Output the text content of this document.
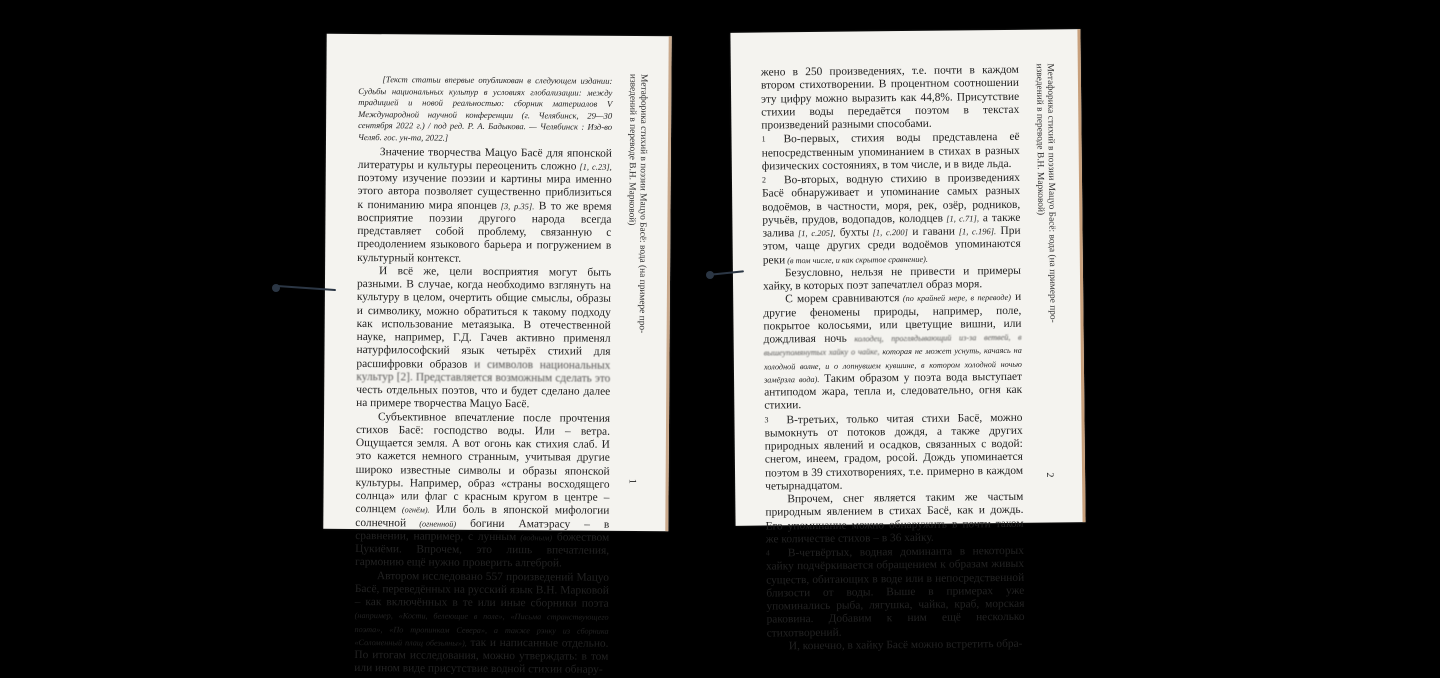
Метафорика стихий в поэзии Мацуо Басё: вода (на примере про-
изведений в переводе В.Н. Марковой)

[Текст статьи впервые опубликован в следующем издании: Судьбы национальных культур в условиях глобализации: между традицией и новой реальностью: сборник материалов V Международной научной конференции (г. Челябинск, 29—30 сентября 2022 г.) / под ред. Р. А. Бадыкова. — Челябинск : Изд-во Челяб. гос. ун-та, 2022.]

Значение творчества Мацуо Басё для японской литературы и культуры переоценить сложно [1, с.23], поэтому изучение поэзии и картины мира именно этого автора позволяет существенно приблизиться к пониманию мира японцев [3, p.35]. В то же время восприятие поэзии другого народа всегда представляет собой проблему, связанную с преодолением языкового барьера и погружением в культурный контекст.

И всё же, цели восприятия могут быть разными. В случае, когда необходимо взглянуть на культуру в целом, очертить общие смыслы, образы и символику, можно обратиться к такому подходу как использование метаязыка. В отечественной науке, например, Г.Д. Гачев активно применял натурфилософский язык четырёх стихий для расшифровки образов и символов национальных культур [2]. Представляется возможным сделать это честь отдельных поэтов, что и будет сделано далее на примере творчества Мацуо Басё.

Субъективное впечатление после прочтения стихов Басё: господство воды. Или – ветра. Ощущается земля. А вот огонь как стихия слаб. И это кажется немного странным, учитывая другие широко известные символы и образы японской культуры. Например, образ «страны восходящего солнца» или флаг с красным кругом в центре – солнцем (огнём). Или боль в японской мифологии солнечной (огненной) богини Аматэрасу – в сравнении, например, с лунным (водным) божеством Цукиёми. Впрочем, это лишь впечатления, гармонию ещё нужно проверить алгеброй.

Автором исследовано 557 произведений Мацуо Басё, переведённых на русский язык В.Н. Марковой – как включённых в те или иные сборники поэта (например, «Кости, белеющие в поле», «Письма странствующего поэта», «По тропинкам Севера», а также рэнку из сборника «Соломенный плащ обезьяны»), так и написанные отдельно. По итогам исследования, можно утверждать: в том или ином виде присутствие водной стихии обнару-

1
Метафорика стихий в поэзии Мацуо Басё: вода (на примере про-
изведений в переводе В.Н. Марковой)

жено в 250 произведениях, т.е. почти в каждом втором стихотворении. В процентном соотношении эту цифру можно выразить как 44,8%. Присутствие стихии воды передаётся поэтом в текстах произведений разными способами.

1 Во-первых, стихия воды представлена её непосредственным упоминанием в стихах в разных физических состояниях, в том числе, и в виде льда.

2 Во-вторых, водную стихию в произведениях Басё обнаруживает и упоминание самых разных водоёмов, в частности, моря, рек, озёр, родников, ручьёв, прудов, водопадов, колодцев [1, с.71], а также залива [1, с.205], бухты [1, с.200] и гавани [1, с.196]. При этом, чаще других среди водоёмов упоминаются реки (в том числе, и как скрытое сравнение).

Безусловно, нельзя не привести и примеры хайку, в которых поэт запечатлел образ моря.

С морем сравниваются (по крайней мере, в переводе) и другие феномены природы, например, поле, покрытое колосьями, или цветущие вишни, или дождливая ночь колодец, проглядывающий из-за ветвей, в вышеупомянутых хайку о чайке, которая не может уснуть, качаясь на холодной волне, и о лопнувшем кувшине, в котором холодной ночью замёрзла вода). Таким образом у поэта вода выступает антиподом жара, тепла и, следовательно, огня как стихии.

3 В-третьих, только читая стихи Басё, можно вымокнуть от потоков дождя, а также других природных явлений и осадков, связанных с водой: снегом, инеем, градом, росой. Дождь упоминается поэтом в 39 стихотворениях, т.е. примерно в каждом четырнадцатом.

Впрочем, снег является таким же частым природным явлением в стихах Басё, как и дождь. Его упоминание можно обнаружить в почти таком же количестве стихов – в 36 хайку.

4 В-четвёртых, водная доминанта в некоторых хайку подчёркивается обращением к образам живых существ, обитающих в воде или в непосредственной близости от воды. Выше в примерах уже упоминались рыба, лягушка, чайка, краб, морская раковина. Добавим к ним ещё несколько стихотворений.

И, конечно, в хайку Басё можно встретить обра-

2
